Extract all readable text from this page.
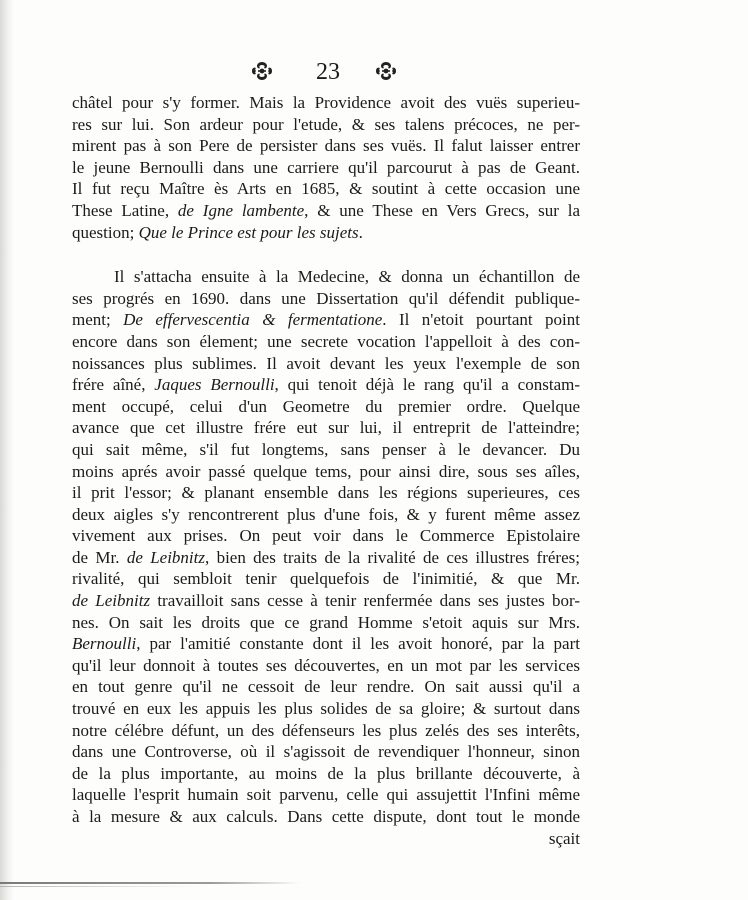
23
châtel pour s'y former. Mais la Providence avoit des vuës superieu-
res sur lui. Son ardeur pour l'etude, & ses talens précoces, ne per-
mirent pas à son Pere de persister dans ses vuës. Il falut laisser entrer
le jeune Bernoulli dans une carriere qu'il parcourut à pas de Geant.
Il fut reçu Maître ès Arts en 1685, & soutint à cette occasion une
These Latine, de Igne lambente, & une These en Vers Grecs, sur la
question; Que le Prince est pour les sujets.
Il s'attacha ensuite à la Medecine, & donna un échantillon de
ses progrés en 1690. dans une Dissertation qu'il défendit publique-
ment; De effervescentia & fermentatione. Il n'etoit pourtant point
encore dans son élement; une secrete vocation l'appelloit à des con-
noissances plus sublimes. Il avoit devant les yeux l'exemple de son
frére aîné, Jaques Bernoulli, qui tenoit déjà le rang qu'il a constam-
ment occupé, celui d'un Geometre du premier ordre. Quelque
avance que cet illustre frére eut sur lui, il entreprit de l'atteindre;
qui sait même, s'il fut longtems, sans penser à le devancer. Du
moins aprés avoir passé quelque tems, pour ainsi dire, sous ses aîles,
il prit l'essor; & planant ensemble dans les régions superieures, ces
deux aigles s'y rencontrerent plus d'une fois, & y furent même assez
vivement aux prises. On peut voir dans le Commerce Epistolaire
de Mr. de Leibnitz, bien des traits de la rivalité de ces illustres fréres;
rivalité, qui sembloit tenir quelquefois de l'inimitié, & que Mr.
de Leibnitz travailloit sans cesse à tenir renfermée dans ses justes bor-
nes. On sait les droits que ce grand Homme s'etoit aquis sur Mrs.
Bernoulli, par l'amitié constante dont il les avoit honoré, par la part
qu'il leur donnoit à toutes ses découvertes, en un mot par les services
en tout genre qu'il ne cessoit de leur rendre. On sait aussi qu'il a
trouvé en eux les appuis les plus solides de sa gloire; & surtout dans
notre célébre défunt, un des défenseurs les plus zelés des ses interêts,
dans une Controverse, où il s'agissoit de revendiquer l'honneur, sinon
de la plus importante, au moins de la plus brillante découverte, à
laquelle l'esprit humain soit parvenu, celle qui assujettit l'Infini même
à la mesure & aux calculs. Dans cette dispute, dont tout le monde
sçait
